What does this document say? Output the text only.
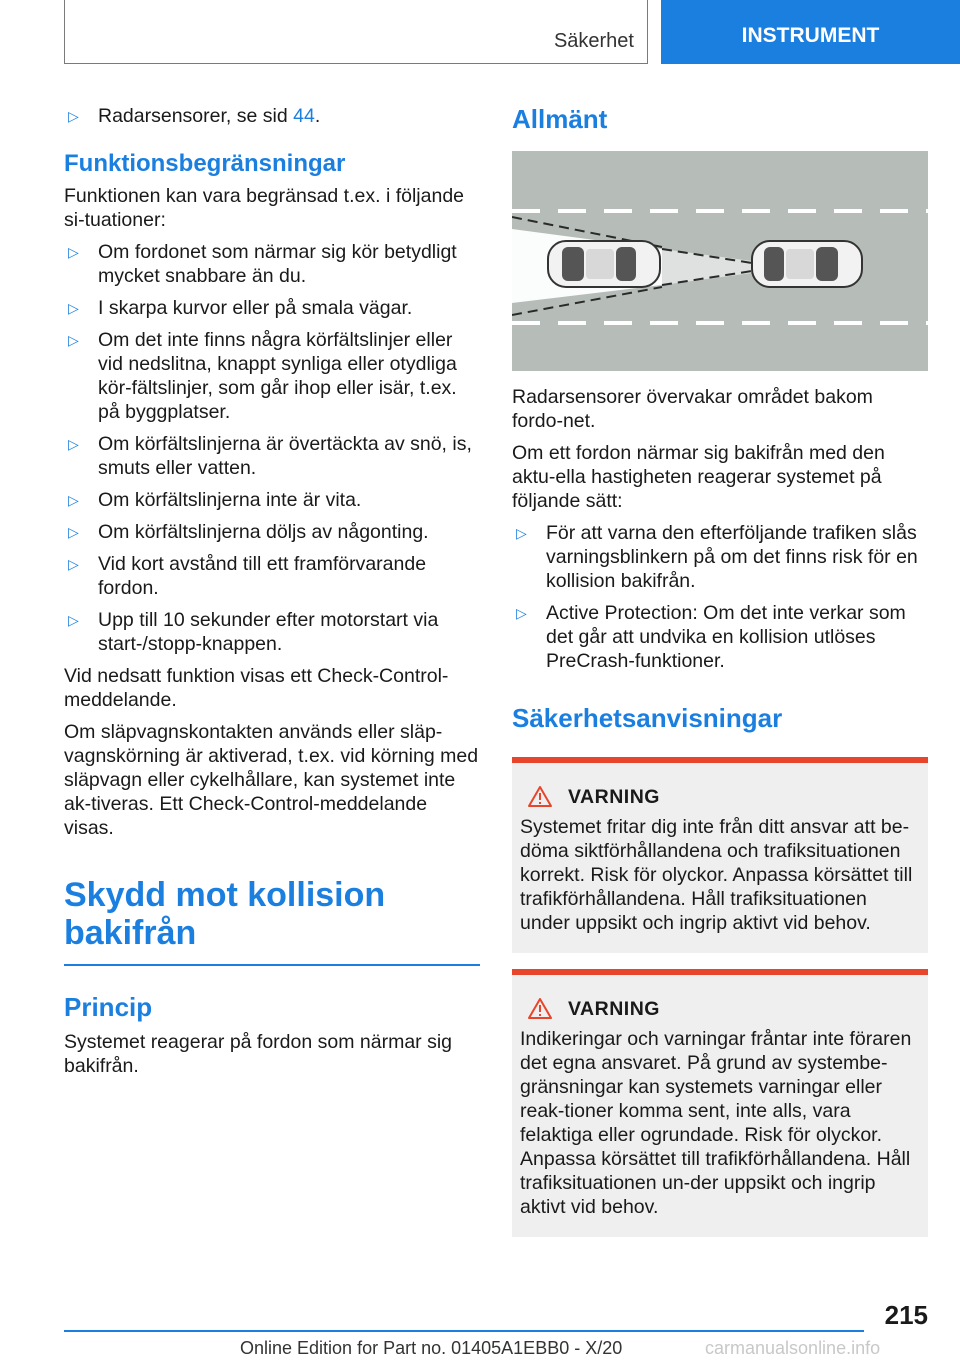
Säkerhet	INSTRUMENT
▷ Radarsensorer, se sid 44.
Funktionsbegränsningar
Funktionen kan vara begränsad t.ex. i följande si-tuationer:
▷ Om fordonet som närmar sig kör betydligt mycket snabbare än du.
▷ I skarpa kurvor eller på smala vägar.
▷ Om det inte finns några körfältslinjer eller vid nedslitna, knappt synliga eller otydliga kör-fältslinjer, som går ihop eller isär, t.ex. på byggplatser.
▷ Om körfältslinjerna är övertäckta av snö, is, smuts eller vatten.
▷ Om körfältslinjerna inte är vita.
▷ Om körfältslinjerna döljs av någonting.
▷ Vid kort avstånd till ett framförvarande fordon.
▷ Upp till 10 sekunder efter motorstart via start-/stopp-knappen.
Vid nedsatt funktion visas ett Check-Control-meddelande.
Om släpvagnskontakten används eller släp-vagnskörning är aktiverad, t.ex. vid körning med släpvagn eller cykelhållare, kan systemet inte ak-tiveras. Ett Check-Control-meddelande visas.
Skydd mot kollision
bakifrån
Princip
Systemet reagerar på fordon som närmar sig bakifrån.
Allmänt
Radarsensorer övervakar området bakom fordo-net.
Om ett fordon närmar sig bakifrån med den aktu-ella hastigheten reagerar systemet på följande sätt:
▷ För att varna den efterföljande trafiken slås varningsblinkern på om det finns risk för en kollision bakifrån.
▷ Active Protection: Om det inte verkar som det går att undvika en kollision utlöses PreCrash-funktioner.
Säkerhetsanvisningar
VARNING
Systemet fritar dig inte från ditt ansvar att be-döma siktförhållandena och trafiksituationen korrekt. Risk för olyckor. Anpassa körsättet till trafikförhållandena. Håll trafiksituationen under uppsikt och ingrip aktivt vid behov.
VARNING
Indikeringar och varningar fråntar inte föraren det egna ansvaret. På grund av systembe-gränsningar kan systemets varningar eller reak-tioner komma sent, inte alls, vara felaktiga eller ogrundade. Risk för olyckor. Anpassa körsättet till trafikförhållandena. Håll trafiksituationen un-der uppsikt och ingrip aktivt vid behov.
215
Online Edition for Part no. 01405A1EBB0 - X/20	carmanualsonline.info
